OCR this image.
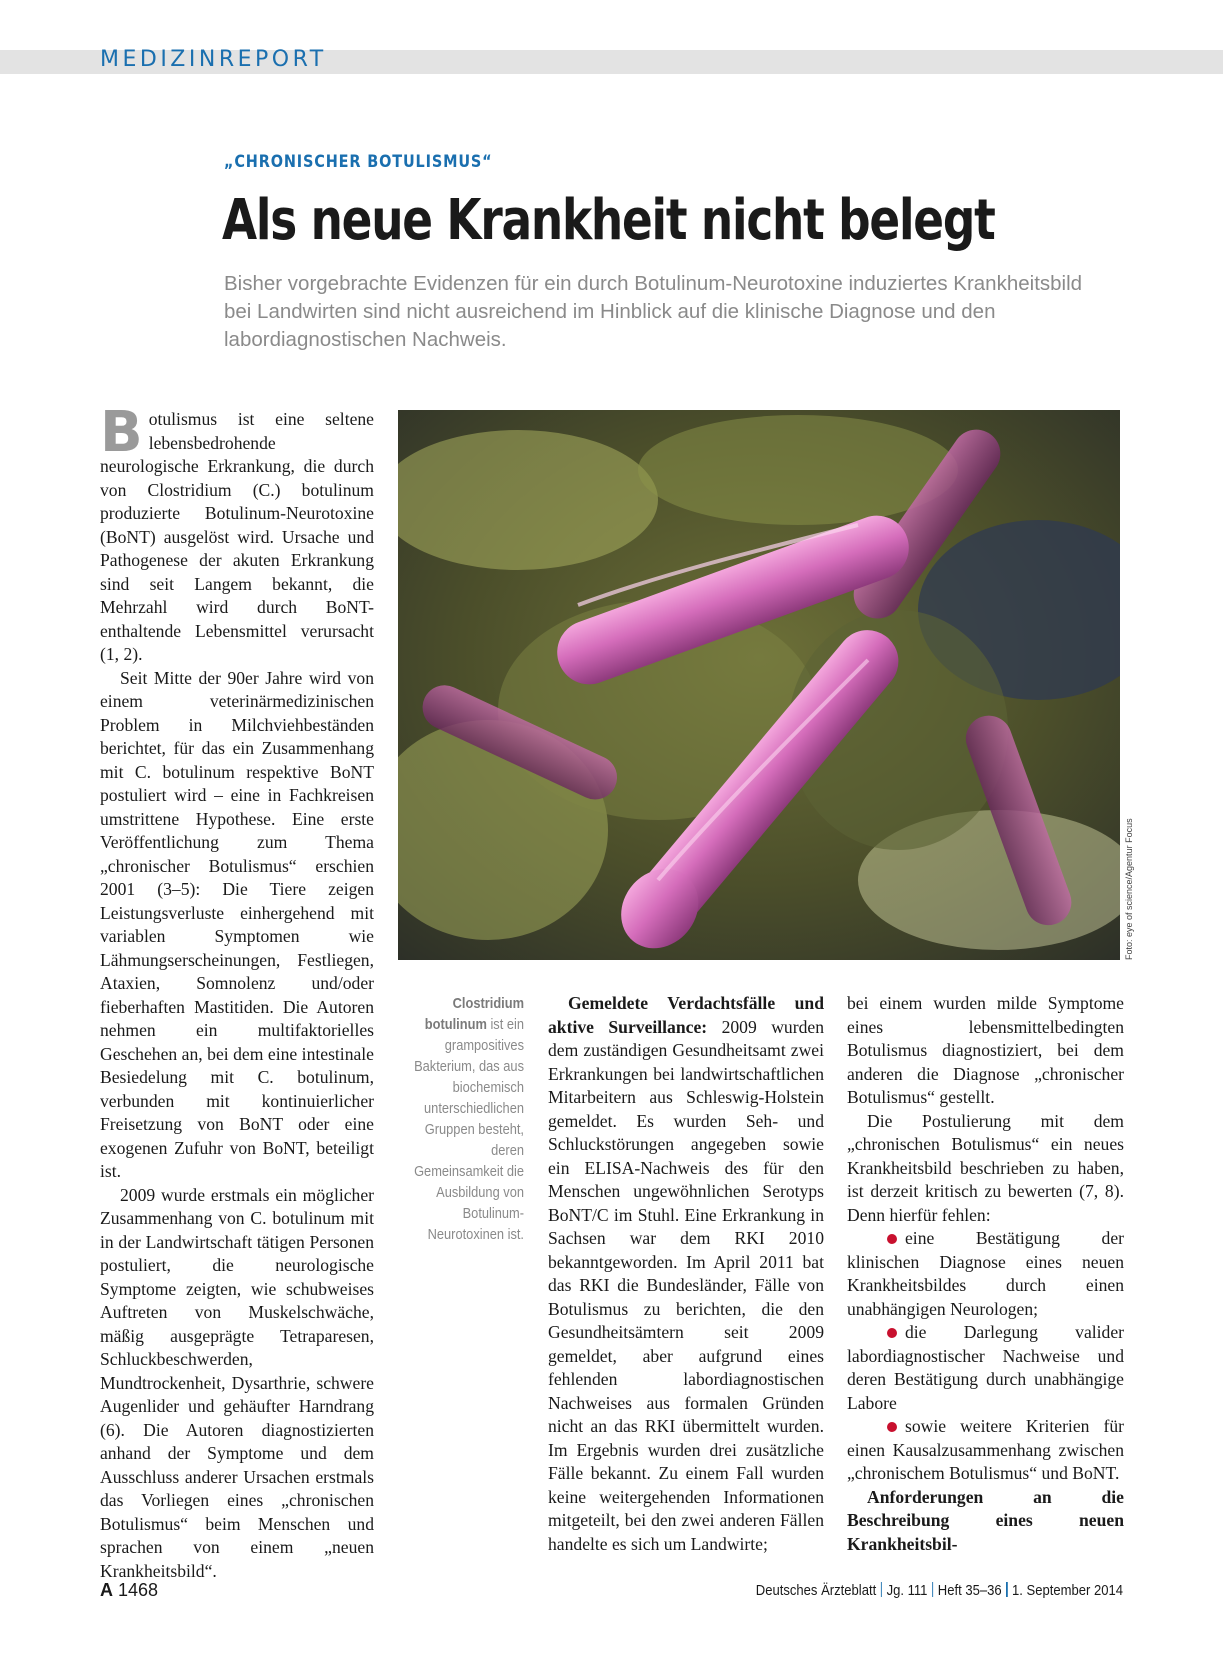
MEDIZINREPORT
„CHRONISCHER BOTULISMUS“
Als neue Krankheit nicht belegt
Bisher vorgebrachte Evidenzen für ein durch Botulinum-Neurotoxine induziertes Krankheitsbild bei Landwirten sind nicht ausreichend im Hinblick auf die klinische Diagnose und den labordiagnostischen Nachweis.

Botulismus ist eine seltene lebensbedrohende neurologische Erkrankung, die durch von Clostridium (C.) botulinum produzierte Botulinum-Neurotoxine (BoNT) ausgelöst wird. Ursache und Pathogenese der akuten Erkrankung sind seit Langem bekannt, die Mehrzahl wird durch BoNT-enthaltende Lebensmittel verursacht (1, 2).

Seit Mitte der 90er Jahre wird von einem veterinärmedizinischen Problem in Milchviehbeständen berichtet, für das ein Zusammenhang mit C. botulinum respektive BoNT postuliert wird – eine in Fachkreisen umstrittene Hypothese. Eine erste Veröffentlichung zum Thema „chronischer Botulismus“ erschien 2001 (3–5): Die Tiere zeigen Leistungsverluste einhergehend mit variablen Symptomen wie Lähmungserscheinungen, Festliegen, Ataxien, Somnolenz und/oder fieberhaften Mastitiden. Die Autoren nehmen ein multifaktorielles Geschehen an, bei dem eine intestinale Besiedelung mit C. botulinum, verbunden mit kontinuierlicher Freisetzung von BoNT oder eine exogenen Zufuhr von BoNT, beteiligt ist.

2009 wurde erstmals ein möglicher Zusammenhang von C. botulinum mit in der Landwirtschaft tätigen Personen postuliert, die neurologische Symptome zeigten, wie schubweises Auftreten von Muskelschwäche, mäßig ausgeprägte Tetraparesen, Schluckbeschwerden, Mundtrockenheit, Dysarthrie, schwere Augenlider und gehäufter Harndrang (6). Die Autoren diagnostizierten anhand der Symptome und dem Ausschluss anderer Ursachen erstmals das Vorliegen eines „chronischen Botulismus“ beim Menschen und sprachen von einem „neuen Krankheitsbild“.

Foto: eye of science/Agentur Focus
Clostridium botulinum ist ein grampositives Bakterium, das aus biochemisch unterschiedlichen Gruppen besteht, deren Gemeinsamkeit die Ausbildung von Botulinum-Neurotoxinen ist.

Gemeldete Verdachtsfälle und aktive Surveillance: 2009 wurden dem zuständigen Gesundheitsamt zwei Erkrankungen bei landwirtschaftlichen Mitarbeitern aus Schleswig-Holstein gemeldet. Es wurden Seh- und Schluckstörungen angegeben sowie ein ELISA-Nachweis des für den Menschen ungewöhnlichen Serotyps BoNT/C im Stuhl. Eine Erkrankung in Sachsen war dem RKI 2010 bekanntgeworden. Im April 2011 bat das RKI die Bundesländer, Fälle von Botulismus zu berichten, die den Gesundheitsämtern seit 2009 gemeldet, aber aufgrund eines fehlenden labordiagnostischen Nachweises aus formalen Gründen nicht an das RKI übermittelt wurden. Im Ergebnis wurden drei zusätzliche Fälle bekannt. Zu einem Fall wurden keine weitergehenden Informationen mitgeteilt, bei den zwei anderen Fällen handelte es sich um Landwirte;

bei einem wurden milde Symptome eines lebensmittelbedingten Botulismus diagnostiziert, bei dem anderen die Diagnose „chronischer Botulismus“ gestellt.

Die Postulierung mit dem „chronischen Botulismus“ ein neues Krankheitsbild beschrieben zu haben, ist derzeit kritisch zu bewerten (7, 8). Denn hierfür fehlen:

eine Bestätigung der klinischen Diagnose eines neuen Krankheitsbildes durch einen unabhängigen Neurologen;

die Darlegung valider labordiagnostischer Nachweise und deren Bestätigung durch unabhängige Labore

sowie weitere Kriterien für einen Kausalzusammenhang zwischen „chronischem Botulismus“ und BoNT.

Anforderungen an die Beschreibung eines neuen Krankheitsbil-

A 1468	Deutsches Ärzteblatt Jg. 111 Heft 35–36 1. September 2014
